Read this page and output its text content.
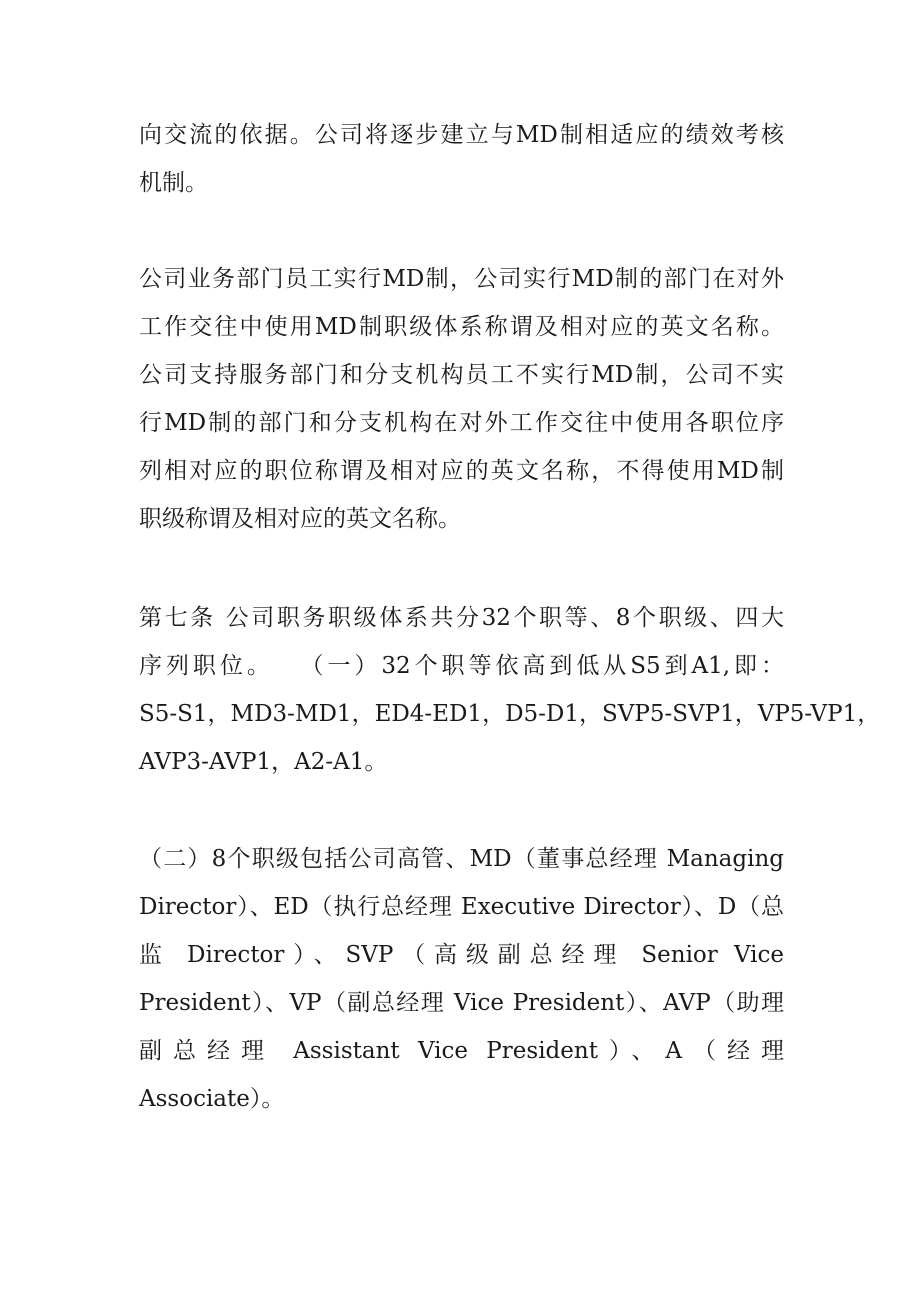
向交流的依据。公司将逐步建立与MD制相适应的绩效考核
机制。
公司业务部门员工实行MD制，公司实行MD制的部门在对外
工作交往中使用MD制职级体系称谓及相对应的英文名称。
公司支持服务部门和分支机构员工不实行MD制，公司不实
行MD制的部门和分支机构在对外工作交往中使用各职位序
列相对应的职位称谓及相对应的英文名称，不得使用MD制
职级称谓及相对应的英文名称。
第七条 公司职务职级体系共分32个职等、8个职级、四大
序列职位。　 （一）32个职等依高到低从S5到A1,即：
S5-S1，MD3-MD1，ED4-ED1，D5-D1，SVP5-SVP1，VP5-VP1，
AVP3-AVP1，A2-A1。
（二）8个职级包括公司高管、MD（董事总经理 Managing
Director）、ED（执行总经理 Executive Director）、D（总
监 Director）、SVP（高级副总经理 Senior Vice
President）、VP（副总经理 Vice President）、AVP（助理
副总经理 Assistant Vice President）、A（经理
Associate）。
